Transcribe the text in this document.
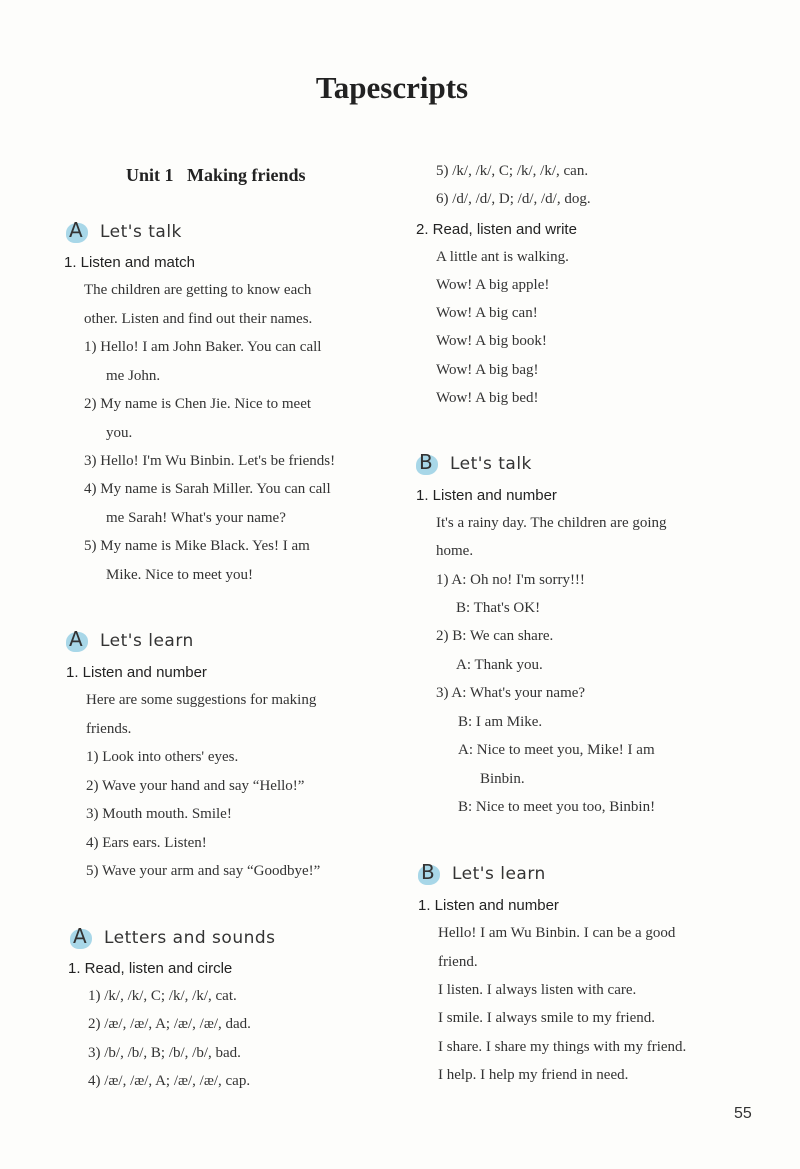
Tapescripts
Unit 1   Making friends
A Let's talk
1. Listen and match
The children are getting to know each
other. Listen and find out their names.
1) Hello! I am John Baker. You can call
me John.
2) My name is Chen Jie. Nice to meet
you.
3) Hello! I'm Wu Binbin. Let's be friends!
4) My name is Sarah Miller. You can call
me Sarah! What's your name?
5) My name is Mike Black. Yes! I am
Mike. Nice to meet you!
A Let's learn
1. Listen and number
Here are some suggestions for making
friends.
1) Look into others' eyes.
2) Wave your hand and say “Hello!”
3) Mouth mouth. Smile!
4) Ears ears. Listen!
5) Wave your arm and say “Goodbye!”
A Letters and sounds
1. Read, listen and circle
1) /k/, /k/, C; /k/, /k/, cat.
2) /æ/, /æ/, A; /æ/, /æ/, dad.
3) /b/, /b/, B; /b/, /b/, bad.
4) /æ/, /æ/, A; /æ/, /æ/, cap.
5) /k/, /k/, C; /k/, /k/, can.
6) /d/, /d/, D; /d/, /d/, dog.
2. Read, listen and write
A little ant is walking.
Wow! A big apple!
Wow! A big can!
Wow! A big book!
Wow! A big bag!
Wow! A big bed!
B Let's talk
1. Listen and number
It's a rainy day. The children are going
home.
1) A: Oh no! I'm sorry!!!
B: That's OK!
2) B: We can share.
A: Thank you.
3) A: What's your name?
B: I am Mike.
A: Nice to meet you, Mike! I am
Binbin.
B: Nice to meet you too, Binbin!
B Let's learn
1. Listen and number
Hello! I am Wu Binbin. I can be a good
friend.
I listen. I always listen with care.
I smile. I always smile to my friend.
I share. I share my things with my friend.
I help. I help my friend in need.
55
